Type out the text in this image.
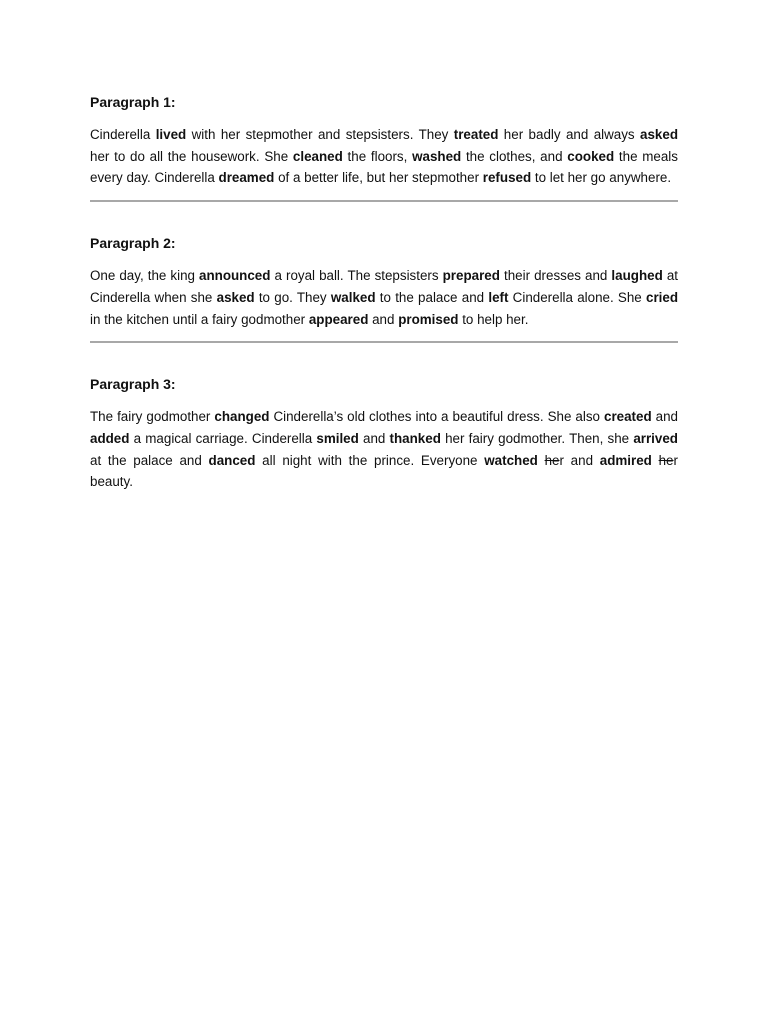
Paragraph 1:

Cinderella lived with her stepmother and stepsisters. They treated her badly and always asked her to do all the housework. She cleaned the floors, washed the clothes, and cooked the meals every day. Cinderella dreamed of a better life, but her stepmother refused to let her go anywhere.

Paragraph 2:

One day, the king announced a royal ball. The stepsisters prepared their dresses and laughed at Cinderella when she asked to go. They walked to the palace and left Cinderella alone. She cried in the kitchen until a fairy godmother appeared and promised to help her.

Paragraph 3:

The fairy godmother changed Cinderella’s old clothes into a beautiful dress. She also created and added a magical carriage. Cinderella smiled and thanked her fairy godmother. Then, she arrived at the palace and danced all night with the prince. Everyone watched her and admired her beauty.
